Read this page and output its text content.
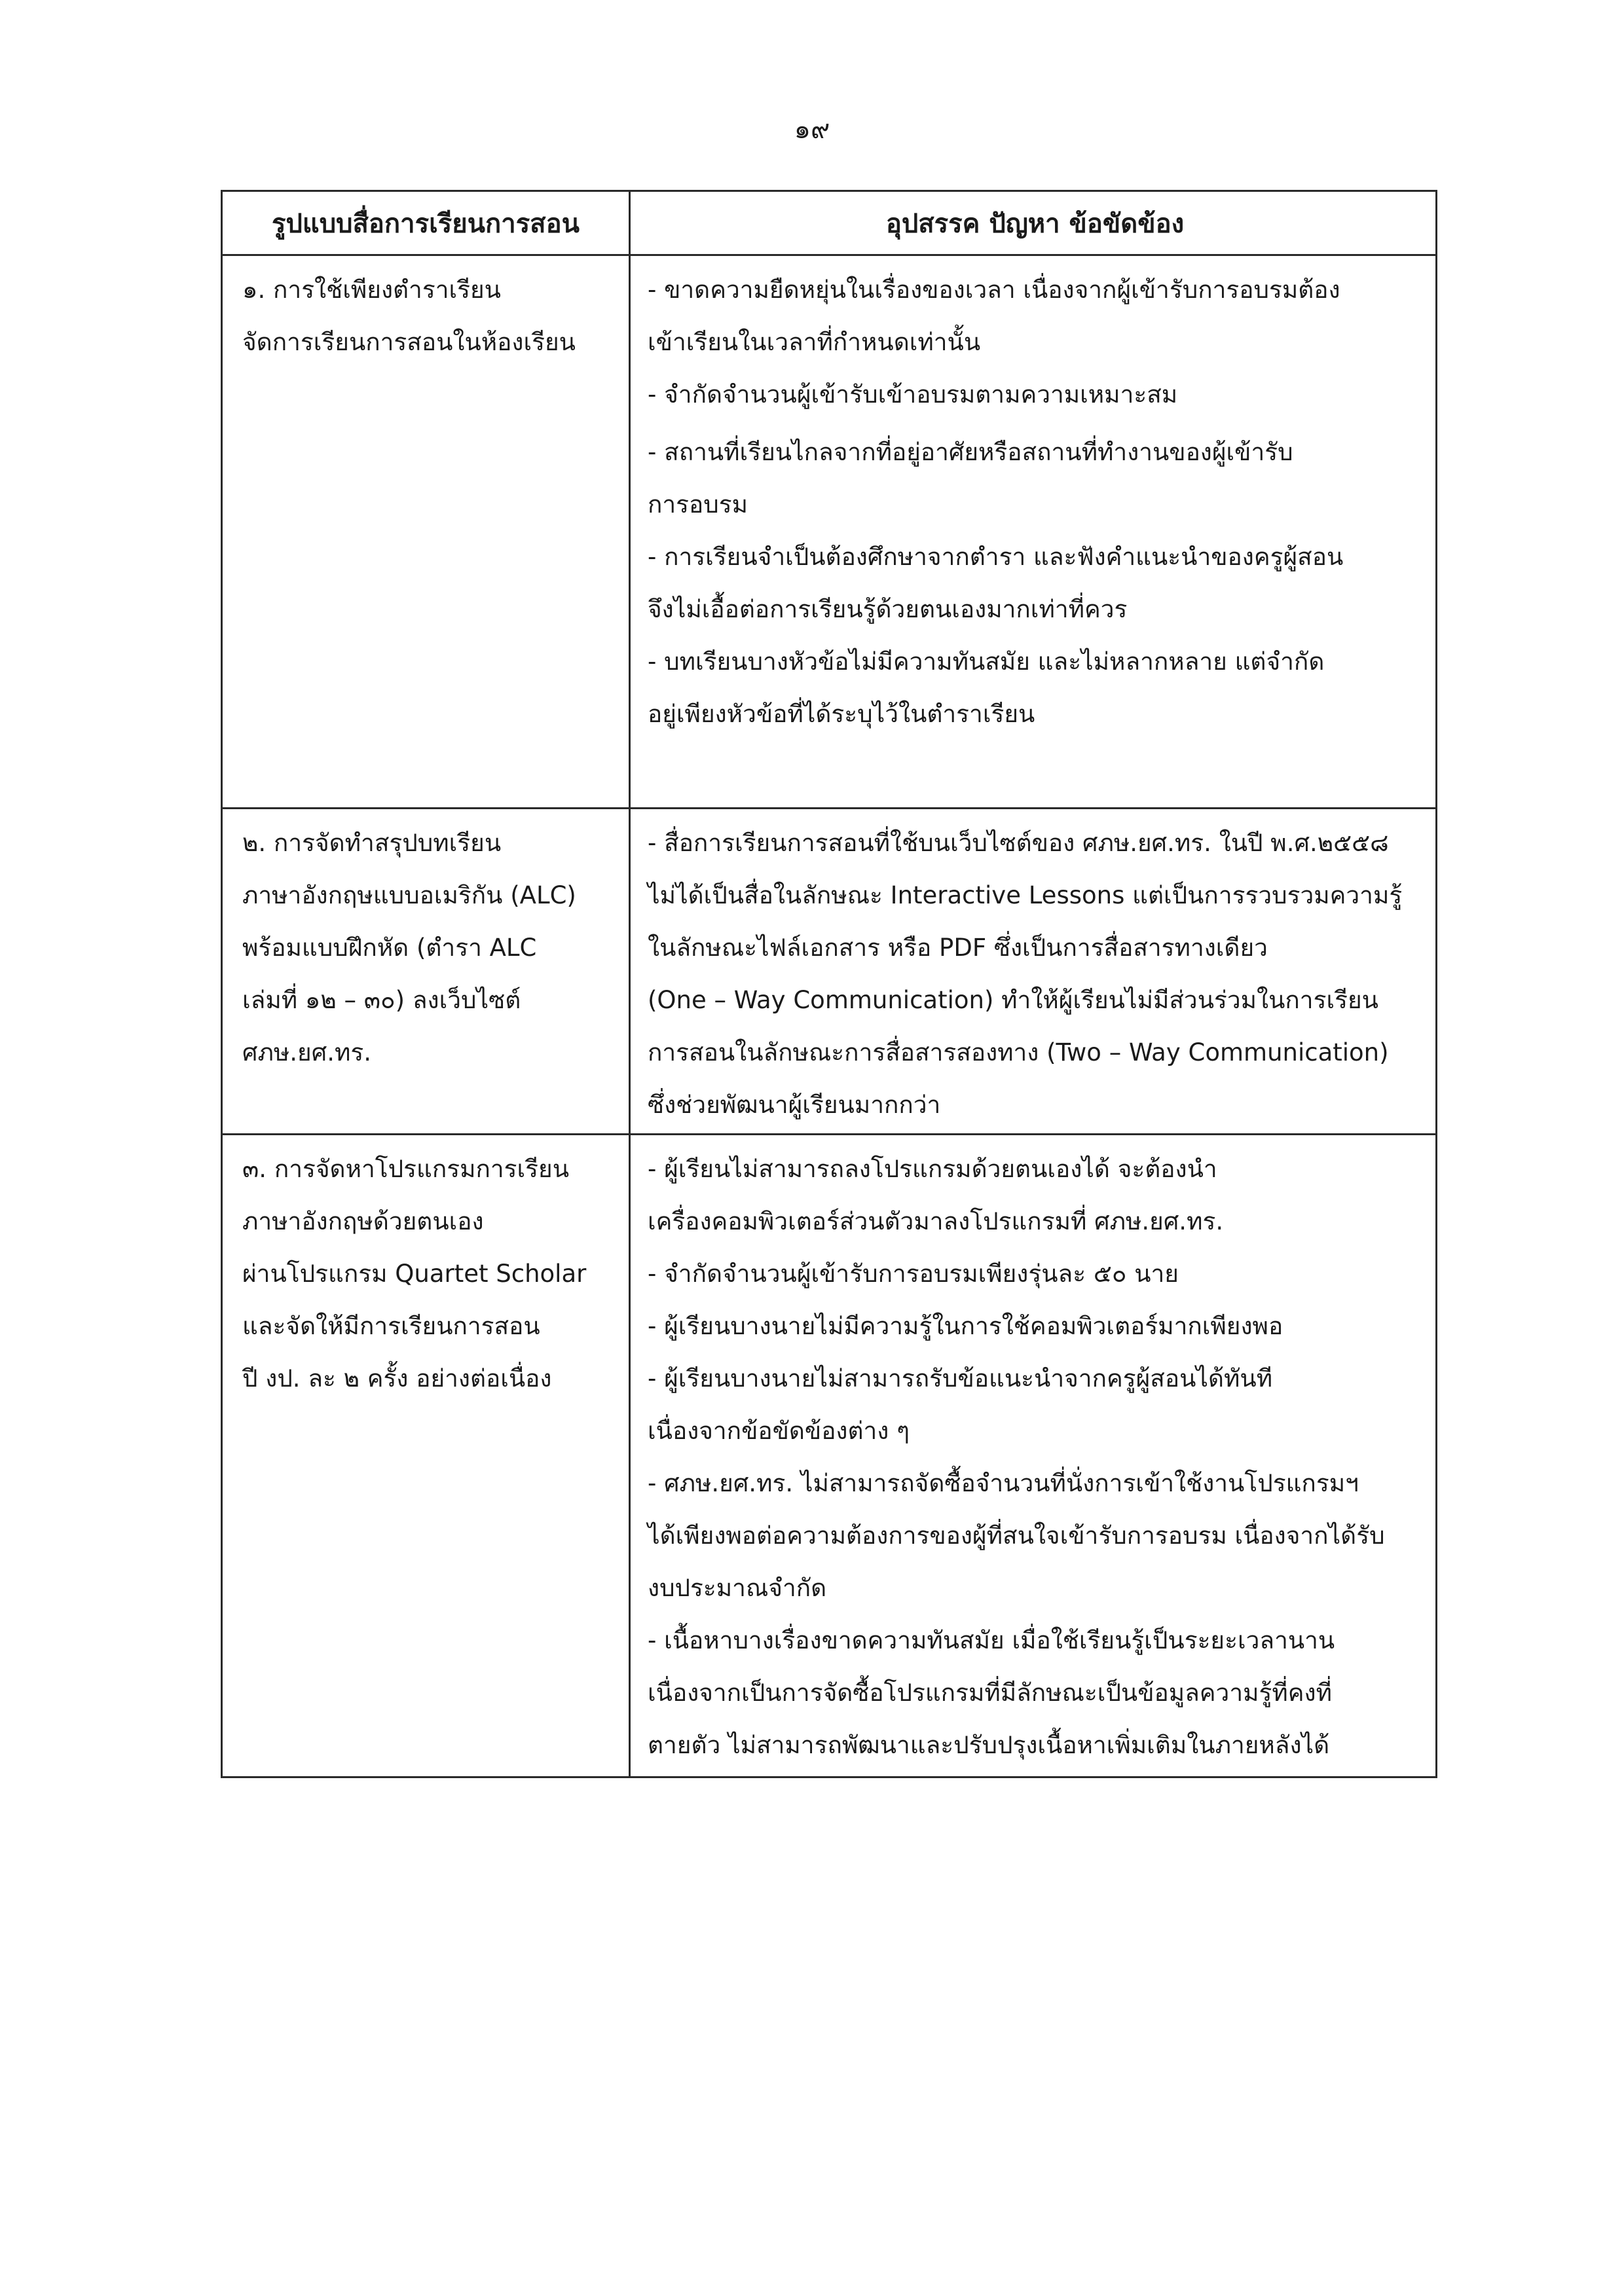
๑๙
รูปแบบสื่อการเรียนการสอน	อุปสรรค ปัญหา ข้อขัดข้อง
๑. การใช้เพียงตำราเรียน
จัดการเรียนการสอนในห้องเรียน
- ขาดความยืดหยุ่นในเรื่องของเวลา เนื่องจากผู้เข้ารับการอบรมต้อง
เข้าเรียนในเวลาที่กำหนดเท่านั้น
- จำกัดจำนวนผู้เข้ารับเข้าอบรมตามความเหมาะสม
- สถานที่เรียนไกลจากที่อยู่อาศัยหรือสถานที่ทำงานของผู้เข้ารับ
การอบรม
- การเรียนจำเป็นต้องศึกษาจากตำรา และฟังคำแนะนำของครูผู้สอน
จึงไม่เอื้อต่อการเรียนรู้ด้วยตนเองมากเท่าที่ควร
- บทเรียนบางหัวข้อไม่มีความทันสมัย และไม่หลากหลาย แต่จำกัด
อยู่เพียงหัวข้อที่ได้ระบุไว้ในตำราเรียน
๒. การจัดทำสรุปบทเรียน
ภาษาอังกฤษแบบอเมริกัน (ALC)
พร้อมแบบฝึกหัด (ตำรา ALC
เล่มที่ ๑๒ – ๓๐) ลงเว็บไซต์
ศภษ.ยศ.ทร.
- สื่อการเรียนการสอนที่ใช้บนเว็บไซต์ของ ศภษ.ยศ.ทร. ในปี พ.ศ.๒๕๕๘
ไม่ได้เป็นสื่อในลักษณะ Interactive Lessons แต่เป็นการรวบรวมความรู้
ในลักษณะไฟล์เอกสาร หรือ PDF ซึ่งเป็นการสื่อสารทางเดียว
(One – Way Communication) ทำให้ผู้เรียนไม่มีส่วนร่วมในการเรียน
การสอนในลักษณะการสื่อสารสองทาง (Two – Way Communication)
ซึ่งช่วยพัฒนาผู้เรียนมากกว่า
๓. การจัดหาโปรแกรมการเรียน
ภาษาอังกฤษด้วยตนเอง
ผ่านโปรแกรม Quartet Scholar
และจัดให้มีการเรียนการสอน
ปี งป. ละ ๒ ครั้ง อย่างต่อเนื่อง
- ผู้เรียนไม่สามารถลงโปรแกรมด้วยตนเองได้ จะต้องนำ
เครื่องคอมพิวเตอร์ส่วนตัวมาลงโปรแกรมที่ ศภษ.ยศ.ทร.
- จำกัดจำนวนผู้เข้ารับการอบรมเพียงรุ่นละ ๕๐ นาย
- ผู้เรียนบางนายไม่มีความรู้ในการใช้คอมพิวเตอร์มากเพียงพอ
- ผู้เรียนบางนายไม่สามารถรับข้อแนะนำจากครูผู้สอนได้ทันที
เนื่องจากข้อขัดข้องต่าง ๆ
- ศภษ.ยศ.ทร. ไม่สามารถจัดซื้อจำนวนที่นั่งการเข้าใช้งานโปรแกรมฯ
ได้เพียงพอต่อความต้องการของผู้ที่สนใจเข้ารับการอบรม เนื่องจากได้รับ
งบประมาณจำกัด
- เนื้อหาบางเรื่องขาดความทันสมัย เมื่อใช้เรียนรู้เป็นระยะเวลานาน
เนื่องจากเป็นการจัดซื้อโปรแกรมที่มีลักษณะเป็นข้อมูลความรู้ที่คงที่
ตายตัว ไม่สามารถพัฒนาและปรับปรุงเนื้อหาเพิ่มเติมในภายหลังได้
